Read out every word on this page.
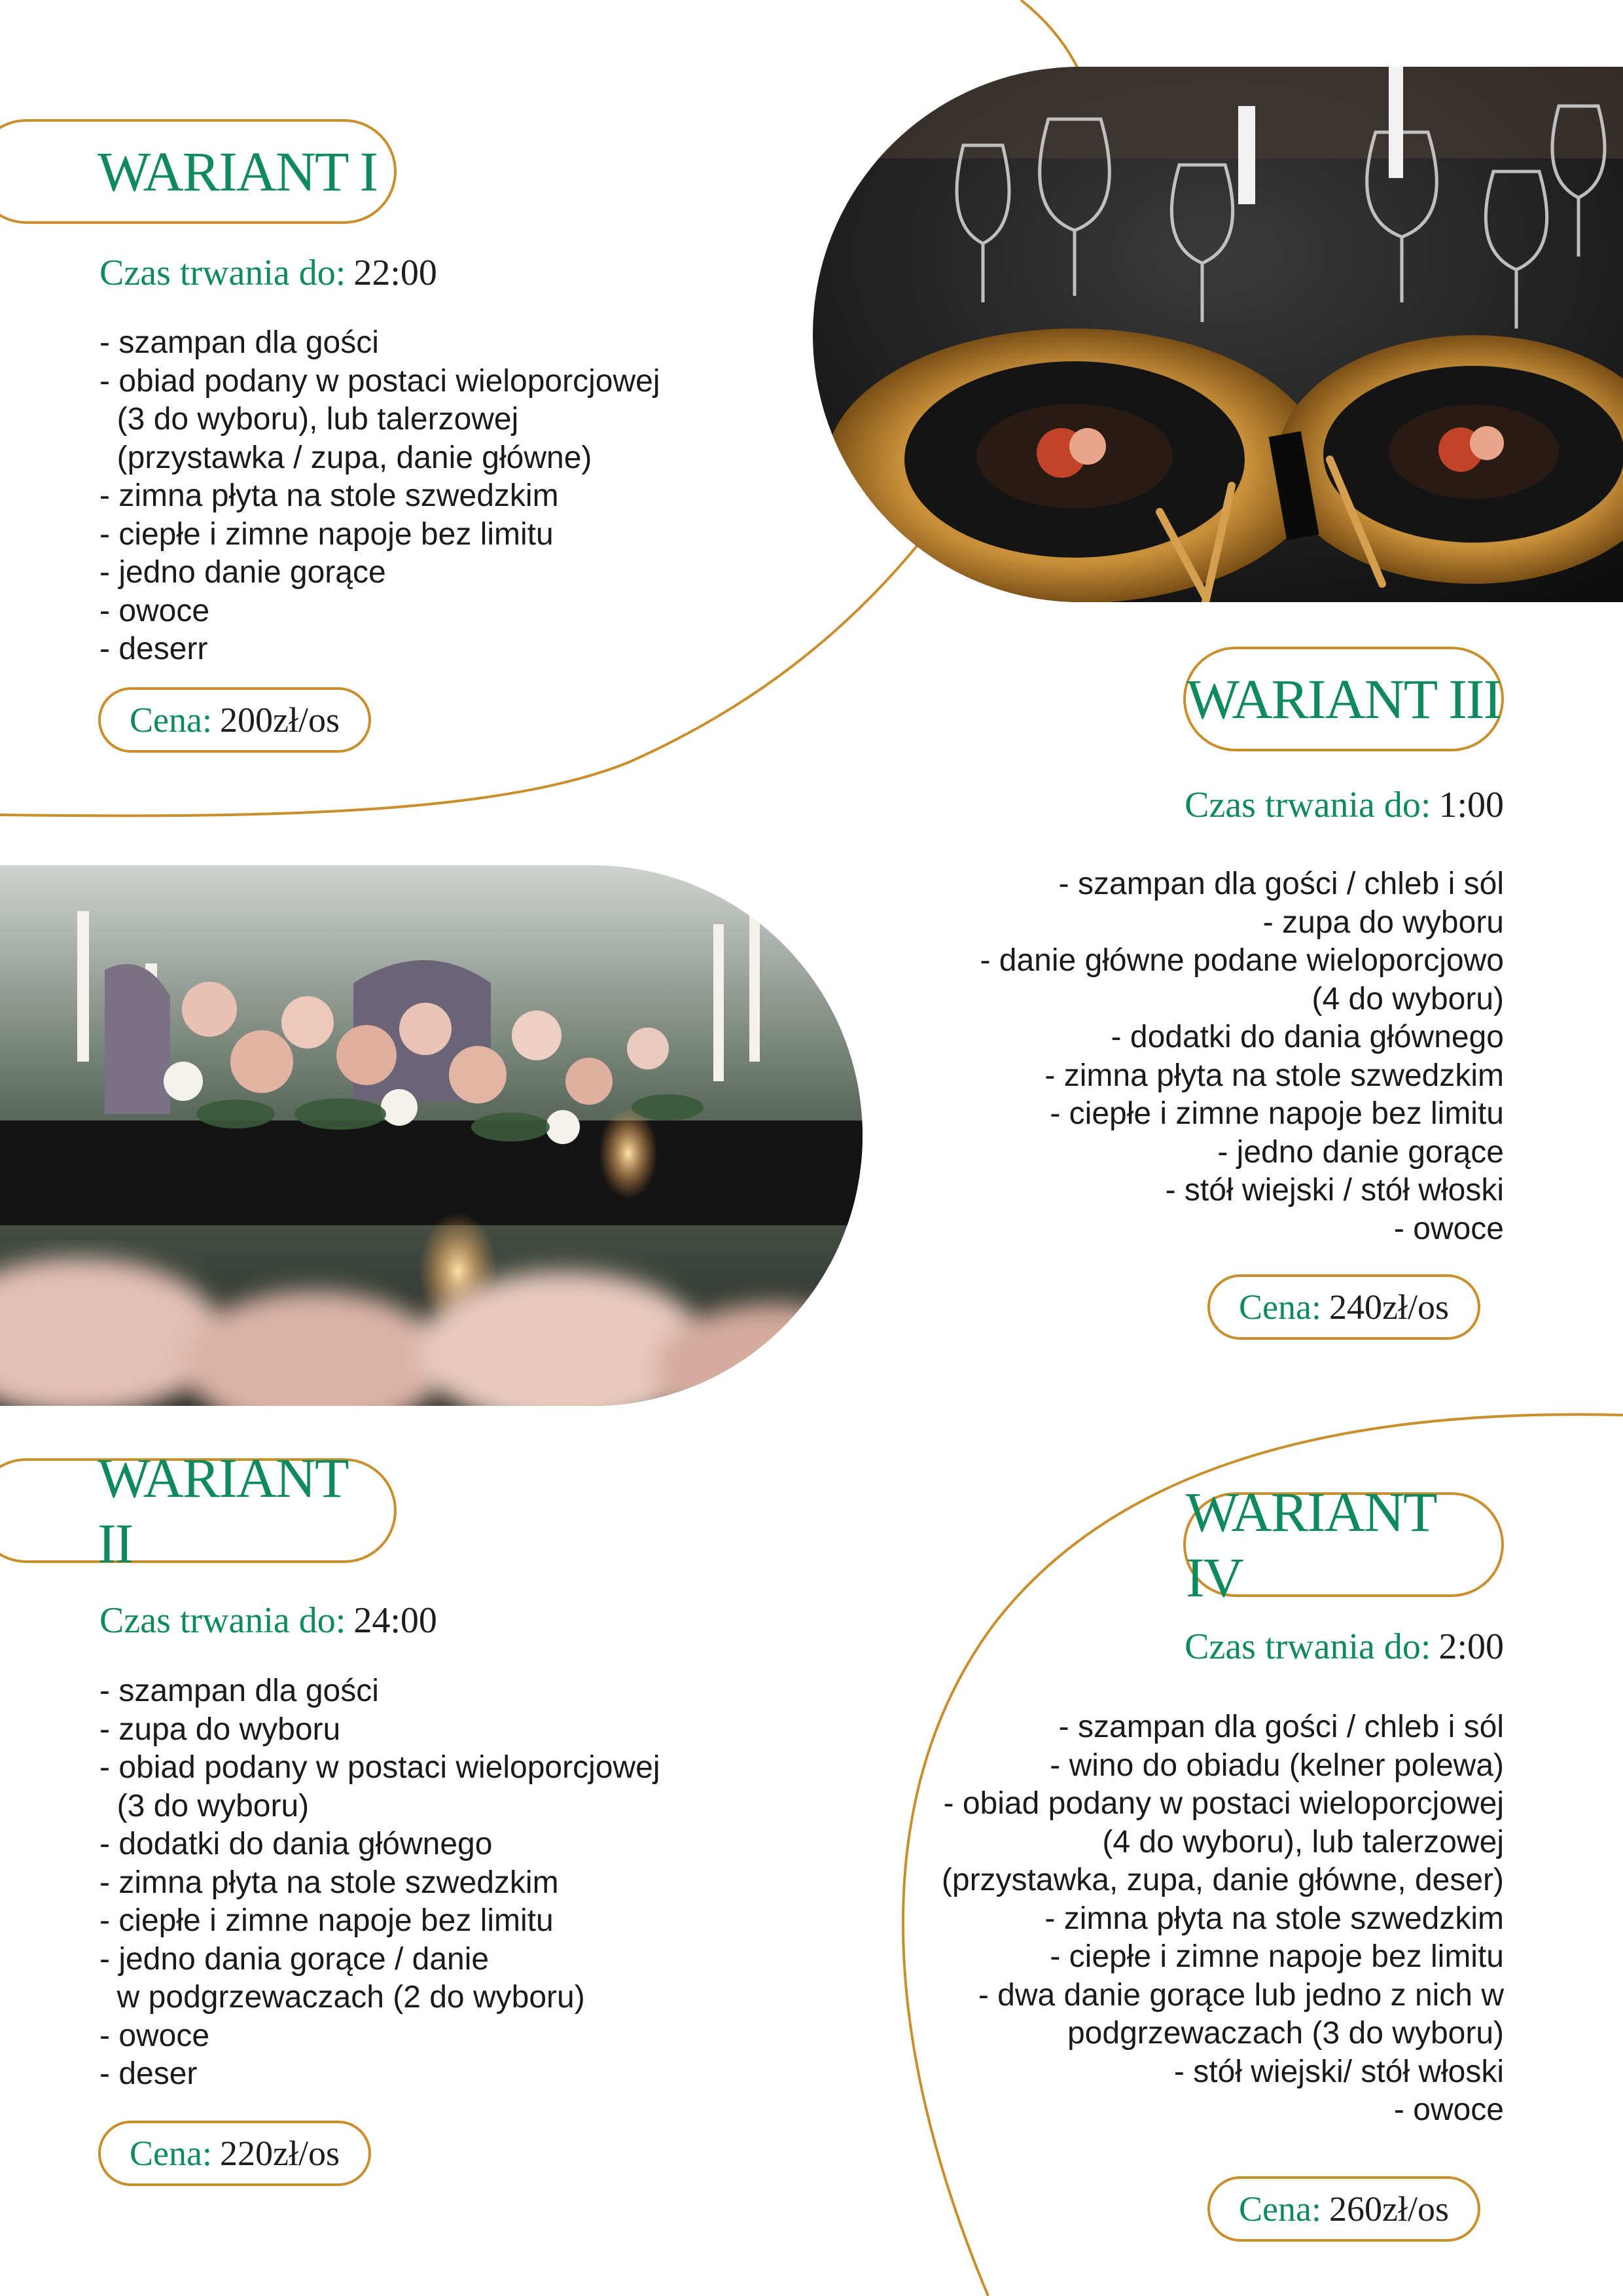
WARIANT I
Czas trwania do: 22:00
- szampan dla gości
- obiad podany w postaci wieloporcjowej
(3 do wyboru), lub talerzowej
(przystawka / zupa, danie główne)
- zimna płyta na stole szwedzkim
- ciepłe i zimne napoje bez limitu
- jedno danie gorące
- owoce
- deserr
Cena: 200zł/os	WARIANT III
Czas trwania do: 1:00
- szampan dla gości / chleb i sól
- zupa do wyboru
- danie główne podane wieloporcjowo
(4 do wyboru)
- dodatki do dania głównego
- zimna płyta na stole szwedzkim
- ciepłe i zimne napoje bez limitu
- jedno danie gorące
- stół wiejski / stół włoski
- owoce
Cena: 240zł/os
WARIANT II
Czas trwania do: 24:00
- szampan dla gości
- zupa do wyboru
- obiad podany w postaci wieloporcjowej
(3 do wyboru)
- dodatki do dania głównego
- zimna płyta na stole szwedzkim
- ciepłe i zimne napoje bez limitu
- jedno dania gorące / danie
w podgrzewaczach (2 do wyboru)
- owoce
- deser
Cena: 220zł/os
WARIANT IV
Czas trwania do: 2:00
- szampan dla gości / chleb i sól
- wino do obiadu (kelner polewa)
- obiad podany w postaci wieloporcjowej
(4 do wyboru), lub talerzowej
(przystawka, zupa, danie główne, deser)
- zimna płyta na stole szwedzkim
- ciepłe i zimne napoje bez limitu
- dwa danie gorące lub jedno z nich w
podgrzewaczach (3 do wyboru)
- stół wiejski/ stół włoski
- owoce
Cena: 260zł/os
